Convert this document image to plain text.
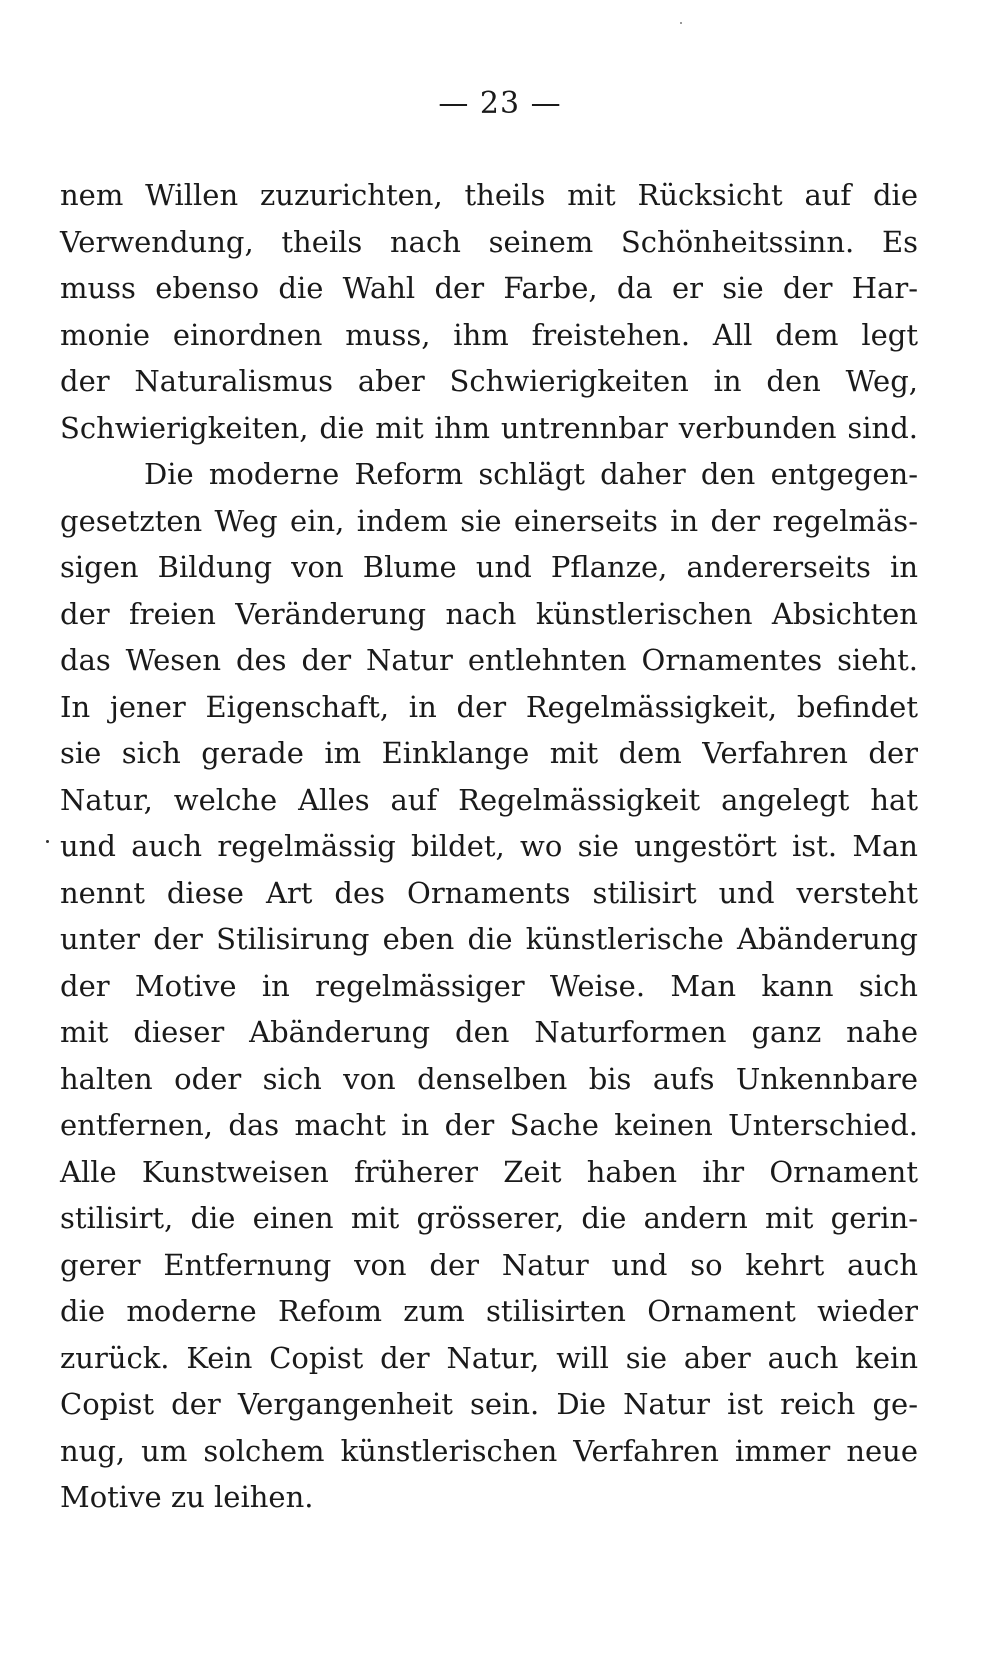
— 23 —
nem Willen zuzurichten, theils mit Rücksicht auf die
Verwendung, theils nach seinem Schönheitssinn. Es
muss ebenso die Wahl der Farbe, da er sie der Har-
monie einordnen muss, ihm freistehen. All dem legt
der Naturalismus aber Schwierigkeiten in den Weg,
Schwierigkeiten, die mit ihm untrennbar verbunden sind.
Die moderne Reform schlägt daher den entgegen-
gesetzten Weg ein, indem sie einerseits in der regelmäs-
sigen Bildung von Blume und Pflanze, andererseits in
der freien Veränderung nach künstlerischen Absichten
das Wesen des der Natur entlehnten Ornamentes sieht.
In jener Eigenschaft, in der Regelmässigkeit, befindet
sie sich gerade im Einklange mit dem Verfahren der
Natur, welche Alles auf Regelmässigkeit angelegt hat
und auch regelmässig bildet, wo sie ungestört ist. Man
nennt diese Art des Ornaments stilisirt und versteht
unter der Stilisirung eben die künstlerische Abänderung
der Motive in regelmässiger Weise. Man kann sich
mit dieser Abänderung den Naturformen ganz nahe
halten oder sich von denselben bis aufs Unkennbare
entfernen, das macht in der Sache keinen Unterschied.
Alle Kunstweisen früherer Zeit haben ihr Ornament
stilisirt, die einen mit grösserer, die andern mit gerin-
gerer Entfernung von der Natur und so kehrt auch
die moderne Refoım zum stilisirten Ornament wieder
zurück. Kein Copist der Natur, will sie aber auch kein
Copist der Vergangenheit sein. Die Natur ist reich ge-
nug, um solchem künstlerischen Verfahren immer neue
Motive zu leihen.
